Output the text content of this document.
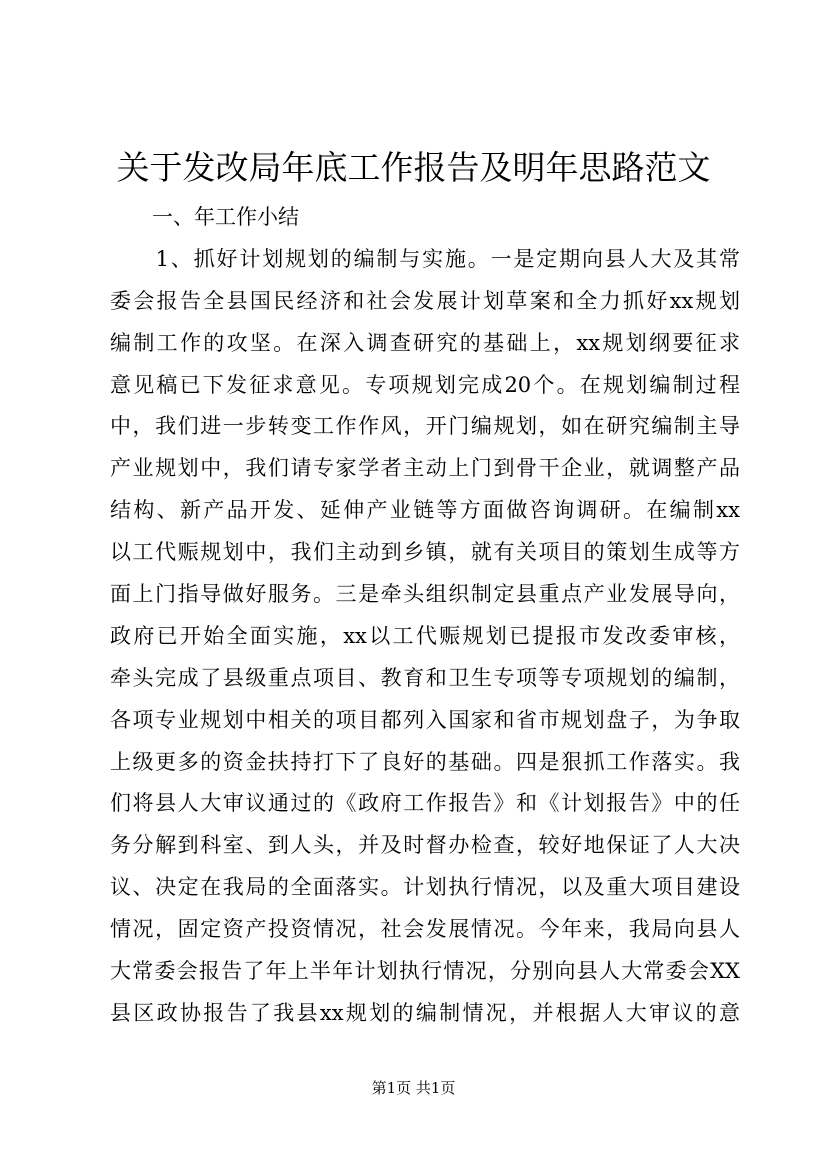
关于发改局年底工作报告及明年思路范文
　　一、年工作小结
　　1、抓好计划规划的编制与实施。一是定期向县人大及其常
委会报告全县国民经济和社会发展计划草案和全力抓好xx规划
编制工作的攻坚。在深入调查研究的基础上，xx规划纲要征求
意见稿已下发征求意见。专项规划完成20个。在规划编制过程
中，我们进一步转变工作作风，开门编规划，如在研究编制主导
产业规划中，我们请专家学者主动上门到骨干企业，就调整产品
结构、新产品开发、延伸产业链等方面做咨询调研。在编制xx
以工代赈规划中，我们主动到乡镇，就有关项目的策划生成等方
面上门指导做好服务。三是牵头组织制定县重点产业发展导向，
政府已开始全面实施，xx以工代赈规划已提报市发改委审核，
牵头完成了县级重点项目、教育和卫生专项等专项规划的编制，
各项专业规划中相关的项目都列入国家和省市规划盘子，为争取
上级更多的资金扶持打下了良好的基础。四是狠抓工作落实。我
们将县人大审议通过的《政府工作报告》和《计划报告》中的任
务分解到科室、到人头，并及时督办检查，较好地保证了人大决
议、决定在我局的全面落实。计划执行情况，以及重大项目建设
情况，固定资产投资情况，社会发展情况。今年来，我局向县人
大常委会报告了年上半年计划执行情况，分别向县人大常委会XX
县区政协报告了我县xx规划的编制情况，并根据人大审议的意
第1页 共1页
